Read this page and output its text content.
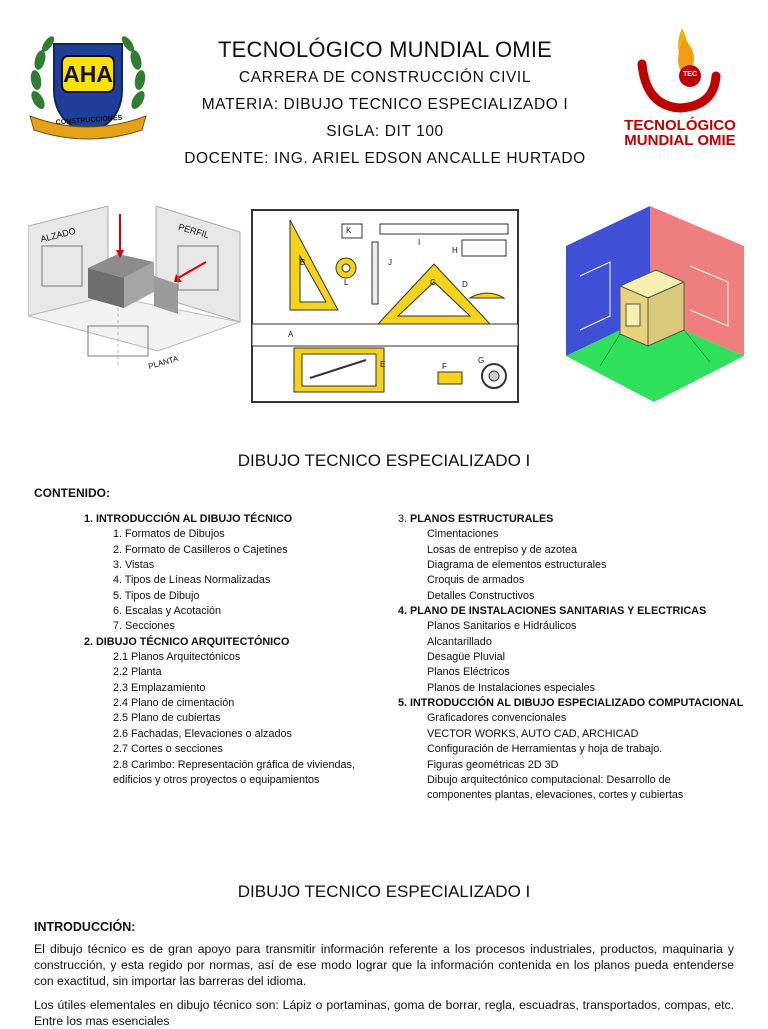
AHA
CONSTRUCCIONES
TECNOLÓGICO MUNDIAL OMIE
CARRERA DE CONSTRUCCIÓN CIVIL
MATERIA: DIBUJO TECNICO ESPECIALIZADO I
SIGLA: DIT 100
DOCENTE: ING. ARIEL EDSON ANCALLE HURTADO
TEC
TECNOLÓGICO
MUNDIAL OMIE
ALZADO	PERFIL
PLANTA
A
B
C	D
E	F
G
H
I
J
K
L
DIBUJO TECNICO ESPECIALIZADO I
CONTENIDO:
1. INTRODUCCIÓN AL DIBUJO TÉCNICO
1. Formatos de Dibujos
2. Formato de Casilleros o Cajetines
3. Vistas
4. Tipos de Líneas Normalizadas
5. Tipos de Dibujo
6. Escalas y Acotación
7. Secciones
2. DIBUJO TÉCNICO ARQUITECTÓNICO
2.1 Planos Arquitectónicos
2.2 Planta
2.3 Emplazamiento
2.4 Plano de cimentación
2.5 Plano de cubiertas
2.6 Fachadas, Elevaciones o alzados
2.7 Cortes o secciones
2.8 Carimbo: Representación gráfica de viviendas,
edificios y otros proyectos o equipamientos
3. PLANOS ESTRUCTURALES
Cimentaciones
Losas de entrepiso y de azotea
Diagrama de elementos estructurales
Croquis de armados
Detalles Constructivos
4. PLANO DE INSTALACIONES SANITARIAS Y ELECTRICAS
Planos Sanitarios e Hidráulicos
Alcantarillado
Desagüe Pluvial
Planos Eléctricos
Planos de Instalaciones especiales
5. INTRODUCCIÓN AL DIBUJO ESPECIALIZADO COMPUTACIONAL
Graficadores convencionales
VECTOR WORKS, AUTO CAD, ARCHICAD
Configuración de Herramientas y hoja de trabajo.
Figuras geométricas 2D 3D
Dibujo arquitectónico computacional: Desarrollo de
componentes plantas, elevaciones, cortes y cubiertas
DIBUJO TECNICO ESPECIALIZADO I
INTRODUCCIÓN:
El dibujo técnico es de gran apoyo para transmitir información referente a los procesos industriales, productos, maquinaria y construcción, y esta regido por normas, así de ese modo lograr que la información contenida en los planos pueda entenderse con exactitud, sin importar las barreras del idioma.
Los útiles elementales en dibujo técnico son: Lápiz o portaminas, goma de borrar, regla, escuadras, transportados, compas, etc. Entre los mas esenciales
